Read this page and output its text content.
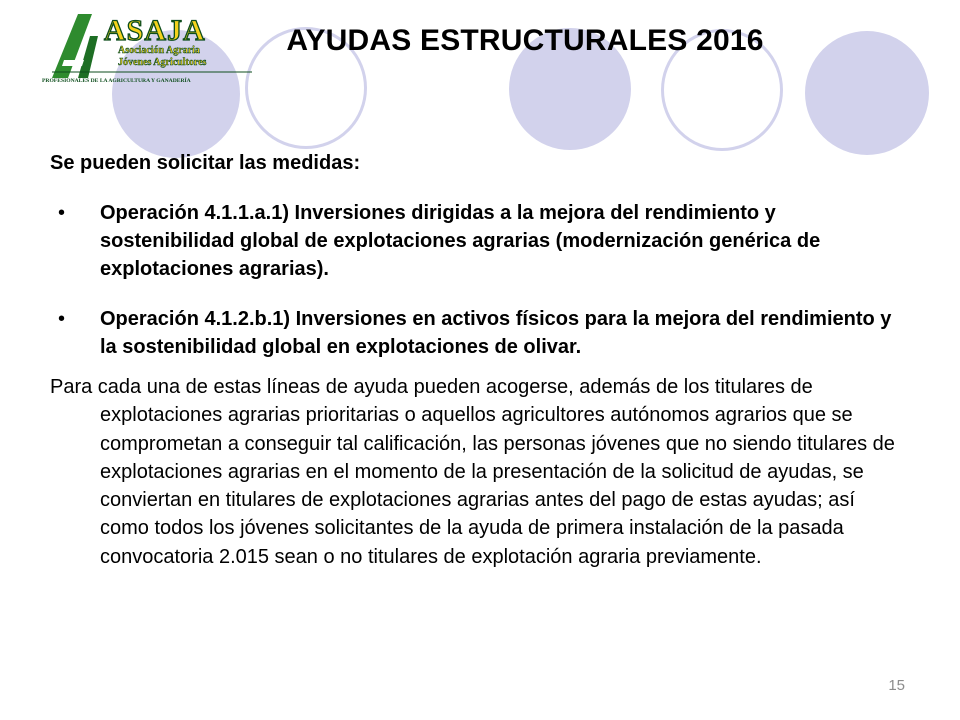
ASAJA
Asociación Agraria
Jóvenes Agricultores
PROFESIONALES DE LA AGRICULTURA Y GANADERÍA
AYUDAS ESTRUCTURALES 2016

Se pueden solicitar las medidas:

• Operación 4.1.1.a.1) Inversiones dirigidas a la mejora del rendimiento y sostenibilidad global de explotaciones agrarias (modernización genérica de explotaciones agrarias).
• Operación 4.1.2.b.1) Inversiones en activos físicos para la mejora del rendimiento y la sostenibilidad global en explotaciones de olivar.
Para cada una de estas líneas de ayuda pueden acogerse, además de los titulares de explotaciones agrarias prioritarias o aquellos agricultores autónomos agrarios que se comprometan a conseguir tal calificación, las personas jóvenes que no siendo titulares de explotaciones agrarias en el momento de la presentación de la solicitud de ayudas, se conviertan en titulares de explotaciones agrarias antes del pago de estas ayudas; así como todos los jóvenes solicitantes de la ayuda de primera instalación de la pasada convocatoria 2.015 sean o no titulares de explotación agraria previamente.
15
